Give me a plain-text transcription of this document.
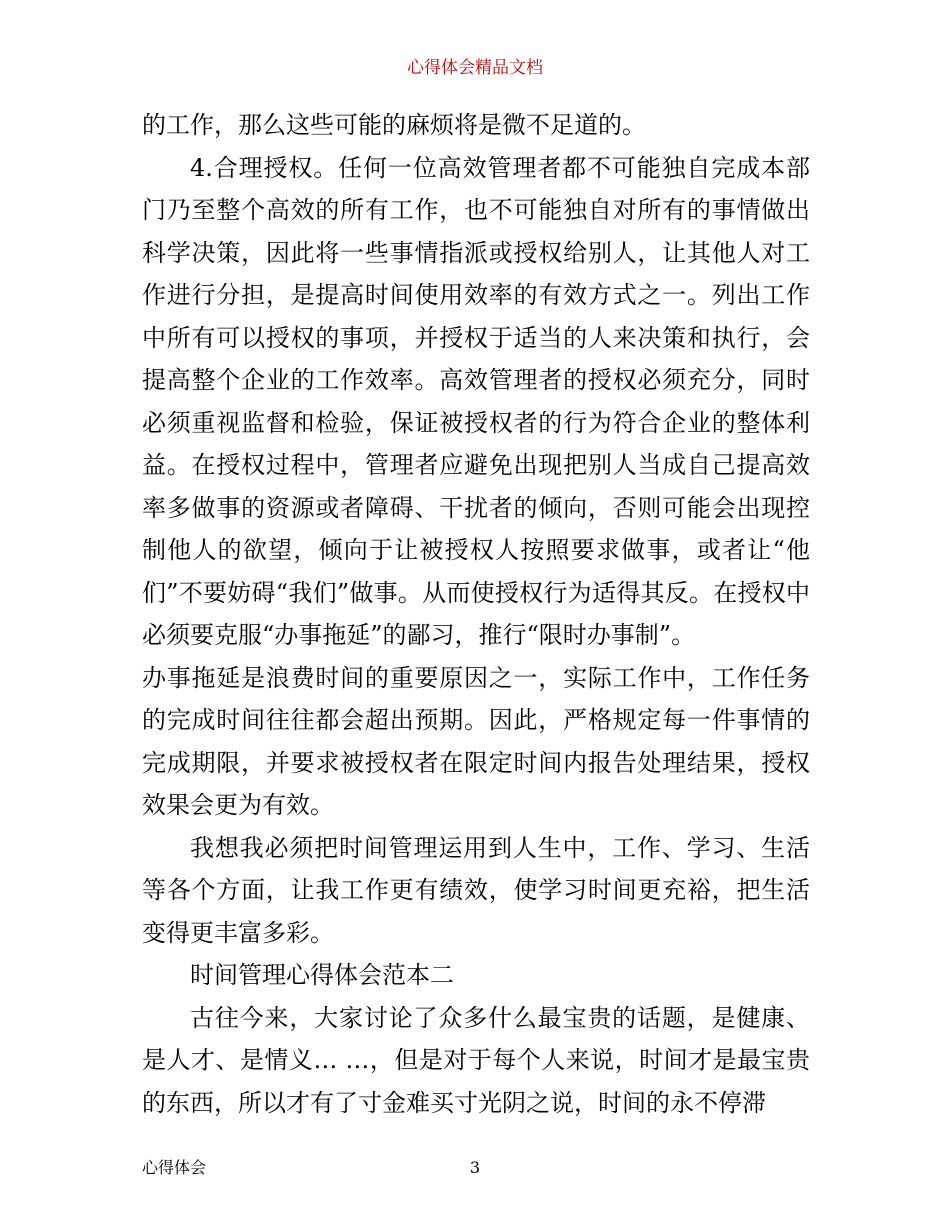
心得体会精品文档

的工作，那么这些可能的麻烦将是微不足道的。

4.合理授权。任何一位高效管理者都不可能独自完成本部门乃至整个高效的所有工作，也不可能独自对所有的事情做出科学决策，因此将一些事情指派或授权给别人，让其他人对工作进行分担，是提高时间使用效率的有效方式之一。列出工作中所有可以授权的事项，并授权于适当的人来决策和执行，会提高整个企业的工作效率。高效管理者的授权必须充分，同时必须重视监督和检验，保证被授权者的行为符合企业的整体利益。在授权过程中，管理者应避免出现把别人当成自己提高效率多做事的资源或者障碍、干扰者的倾向，否则可能会出现控制他人的欲望，倾向于让被授权人按照要求做事，或者让“他们”不要妨碍“我们”做事。从而使授权行为适得其反。在授权中必须要克服“办事拖延”的鄙习，推行“限时办事制”。

办事拖延是浪费时间的重要原因之一，实际工作中，工作任务的完成时间往往都会超出预期。因此，严格规定每一件事情的完成期限，并要求被授权者在限定时间内报告处理结果，授权效果会更为有效。

我想我必须把时间管理运用到人生中，工作、学习、生活等各个方面，让我工作更有绩效，使学习时间更充裕，把生活变得更丰富多彩。

时间管理心得体会范本二

古往今来，大家讨论了众多什么最宝贵的话题，是健康、是人才、是情义… …，但是对于每个人来说，时间才是最宝贵的东西，所以才有了寸金难买寸光阴之说，时间的永不停滞

心得体会	3
